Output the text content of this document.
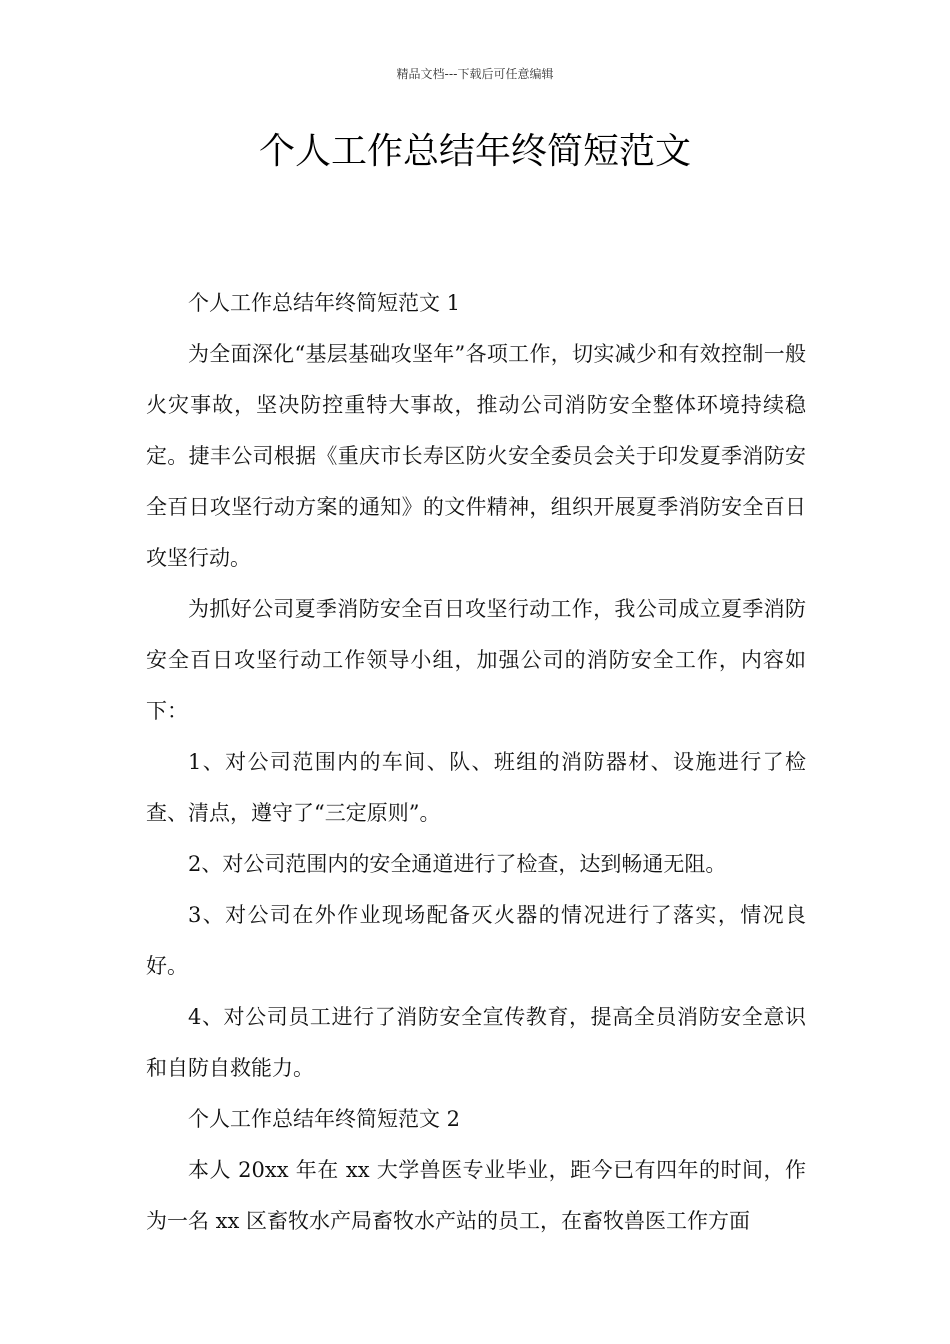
精品文档---下载后可任意编辑
个人工作总结年终简短范文

个人工作总结年终简短范文 1

为全面深化“基层基础攻坚年”各项工作，切实减少和有效控制一般火灾事故，坚决防控重特大事故，推动公司消防安全整体环境持续稳定。捷丰公司根据《重庆市长寿区防火安全委员会关于印发夏季消防安全百日攻坚行动方案的通知》的文件精神，组织开展夏季消防安全百日攻坚行动。

为抓好公司夏季消防安全百日攻坚行动工作，我公司成立夏季消防安全百日攻坚行动工作领导小组，加强公司的消防安全工作，内容如下：

1、对公司范围内的车间、队、班组的消防器材、设施进行了检查、清点，遵守了“三定原则”。

2、对公司范围内的安全通道进行了检查，达到畅通无阻。

3、对公司在外作业现场配备灭火器的情况进行了落实，情况良好。

4、对公司员工进行了消防安全宣传教育，提高全员消防安全意识和自防自救能力。

个人工作总结年终简短范文 2

本人 20xx 年在 xx 大学兽医专业毕业，距今已有四年的时间，作为一名 xx 区畜牧水产局畜牧水产站的员工，在畜牧兽医工作方面
